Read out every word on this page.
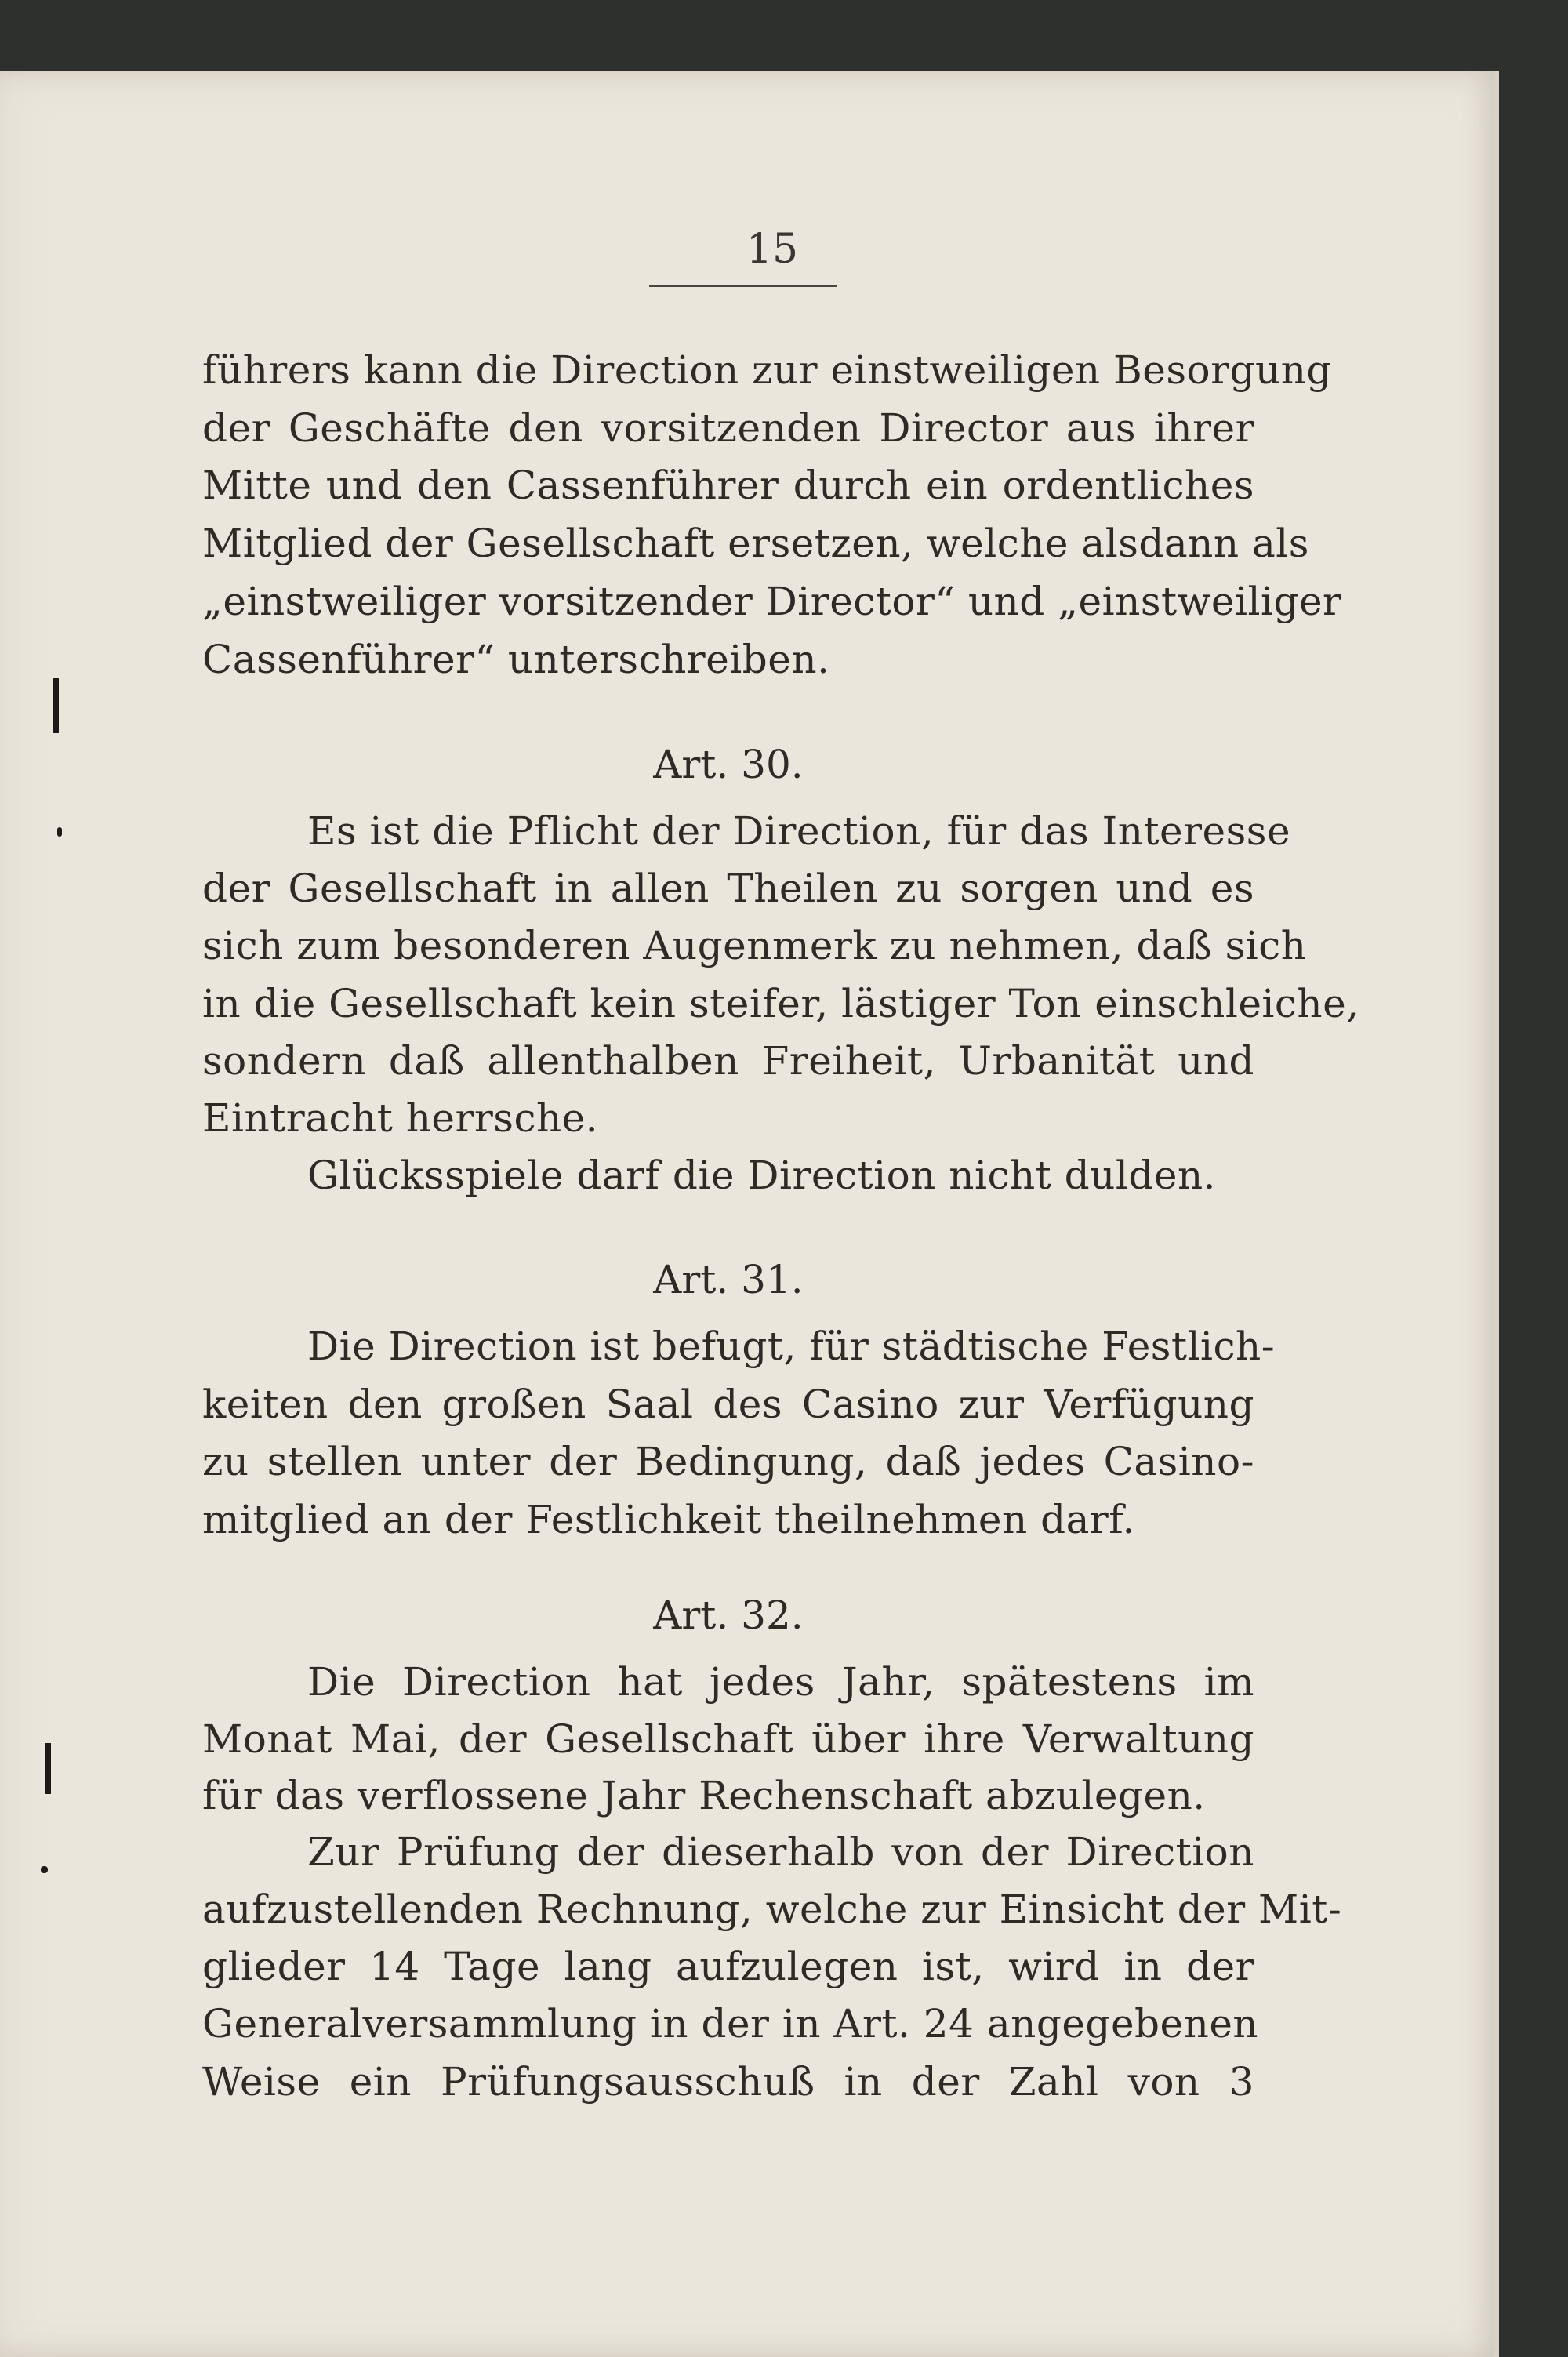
15
führers kann die Direction zur einstweiligen Besorgung
der Geschäfte den vorsitzenden Director aus ihrer
Mitte und den Cassenführer durch ein ordentliches
Mitglied der Gesellschaft ersetzen, welche alsdann als
„einstweiliger vorsitzender Director“ und „einstweiliger
Cassenführer“ unterschreiben.
Art. 30.
Es ist die Pflicht der Direction, für das Interesse
der Gesellschaft in allen Theilen zu sorgen und es
sich zum besonderen Augenmerk zu nehmen, daß sich
in die Gesellschaft kein steifer, lästiger Ton einschleiche,
sondern daß allenthalben Freiheit, Urbanität und
Eintracht herrsche.
Glücksspiele darf die Direction nicht dulden.
Art. 31.
Die Direction ist befugt, für städtische Festlich-
keiten den großen Saal des Casino zur Verfügung
zu stellen unter der Bedingung, daß jedes Casino-
mitglied an der Festlichkeit theilnehmen darf.
Art. 32.
Die Direction hat jedes Jahr, spätestens im
Monat Mai, der Gesellschaft über ihre Verwaltung
für das verflossene Jahr Rechenschaft abzulegen.
Zur Prüfung der dieserhalb von der Direction
aufzustellenden Rechnung, welche zur Einsicht der Mit-
glieder 14 Tage lang aufzulegen ist, wird in der
Generalversammlung in der in Art. 24 angegebenen
Weise ein Prüfungsausschuß in der Zahl von 3
